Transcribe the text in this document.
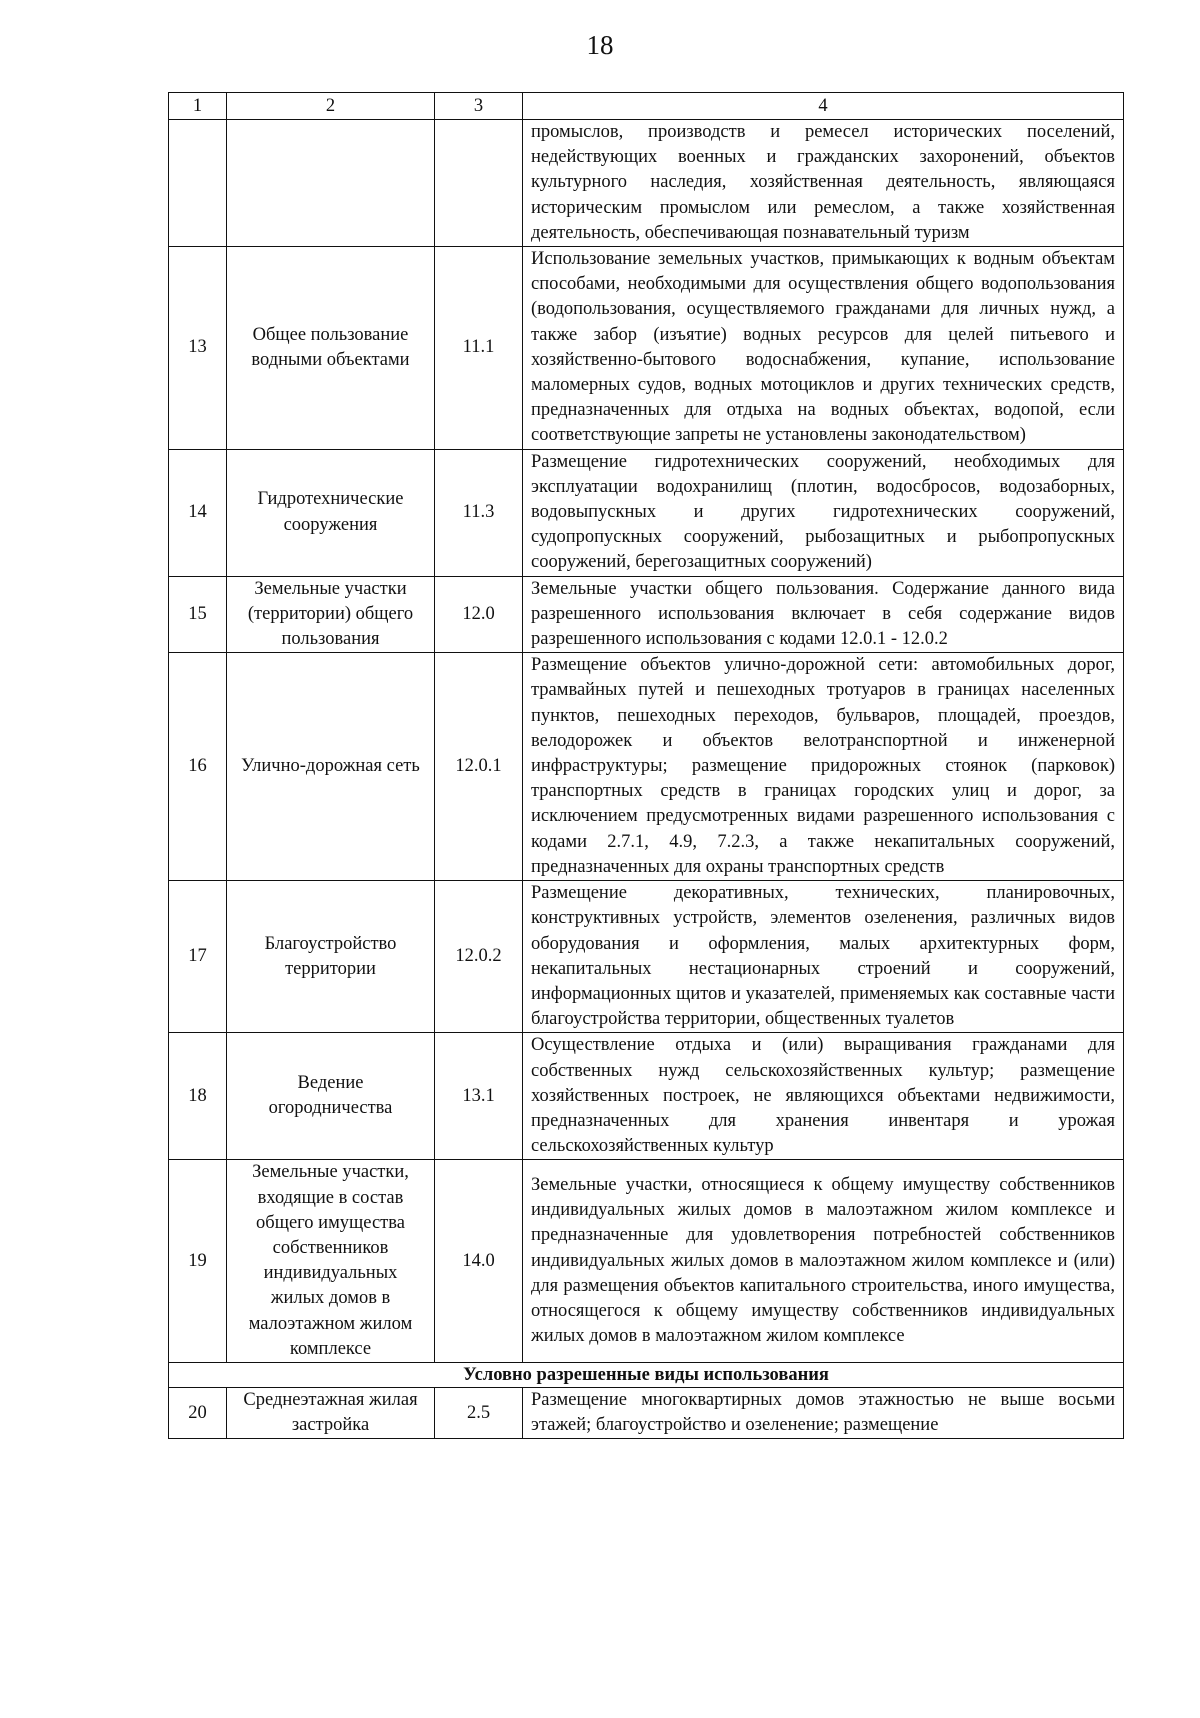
18
1	2	3	4
			промыслов, производств и ремесел исторических поселений, недействующих военных и гражданских захоронений, объектов культурного наследия, хозяйственная деятельность, являющаяся историческим промыслом или ремеслом, а также хозяйственная деятельность, обеспечивающая познавательный туризм
13	Общее пользование водными объектами	11.1	Использование земельных участков, примыкающих к водным объектам способами, необходимыми для осуществления общего водопользования (водопользования, осуществляемого гражданами для личных нужд, а также забор (изъятие) водных ресурсов для целей питьевого и хозяйственно-бытового водоснабжения, купание, использование маломерных судов, водных мотоциклов и других технических средств, предназначенных для отдыха на водных объектах, водопой, если соответствующие запреты не установлены законодательством)
14	Гидротехнические сооружения	11.3	Размещение гидротехнических сооружений, необходимых для эксплуатации водохранилищ (плотин, водосбросов, водозаборных, водовыпускных и других гидротехнических сооружений, судопропускных сооружений, рыбозащитных и рыбопропускных сооружений, берегозащитных сооружений)
15	Земельные участки (территории) общего пользования	12.0	Земельные участки общего пользования. Содержание данного вида разрешенного использования включает в себя содержание видов разрешенного использования с кодами 12.0.1 - 12.0.2
16	Улично-дорожная сеть	12.0.1	Размещение объектов улично-дорожной сети: автомобильных дорог, трамвайных путей и пешеходных тротуаров в границах населенных пунктов, пешеходных переходов, бульваров, площадей, проездов, велодорожек и объектов велотранспортной и инженерной инфраструктуры; размещение придорожных стоянок (парковок) транспортных средств в границах городских улиц и дорог, за исключением предусмотренных видами разрешенного использования с кодами 2.7.1, 4.9, 7.2.3, а также некапитальных сооружений, предназначенных для охраны транспортных средств
17	Благоустройство территории	12.0.2	Размещение декоративных, технических, планировочных, конструктивных устройств, элементов озеленения, различных видов оборудования и оформления, малых архитектурных форм, некапитальных нестационарных строений и сооружений, информационных щитов и указателей, применяемых как составные части благоустройства территории, общественных туалетов
18	Ведение огородничества	13.1	Осуществление отдыха и (или) выращивания гражданами для собственных нужд сельскохозяйственных культур; размещение хозяйственных построек, не являющихся объектами недвижимости, предназначенных для хранения инвентаря и урожая сельскохозяйственных культур
19	Земельные участки, входящие в состав общего имущества собственников индивидуальных жилых домов в малоэтажном жилом комплексе	14.0	Земельные участки, относящиеся к общему имуществу собственников индивидуальных жилых домов в малоэтажном жилом комплексе и предназначенные для удовлетворения потребностей собственников индивидуальных жилых домов в малоэтажном жилом комплексе и (или) для размещения объектов капитального строительства, иного имущества, относящегося к общему имуществу собственников индивидуальных жилых домов в малоэтажном жилом комплексе
Условно разрешенные виды использования			
20	Среднеэтажная жилая застройка	2.5	Размещение многоквартирных домов этажностью не выше восьми этажей; благоустройство и озеленение; размещение
